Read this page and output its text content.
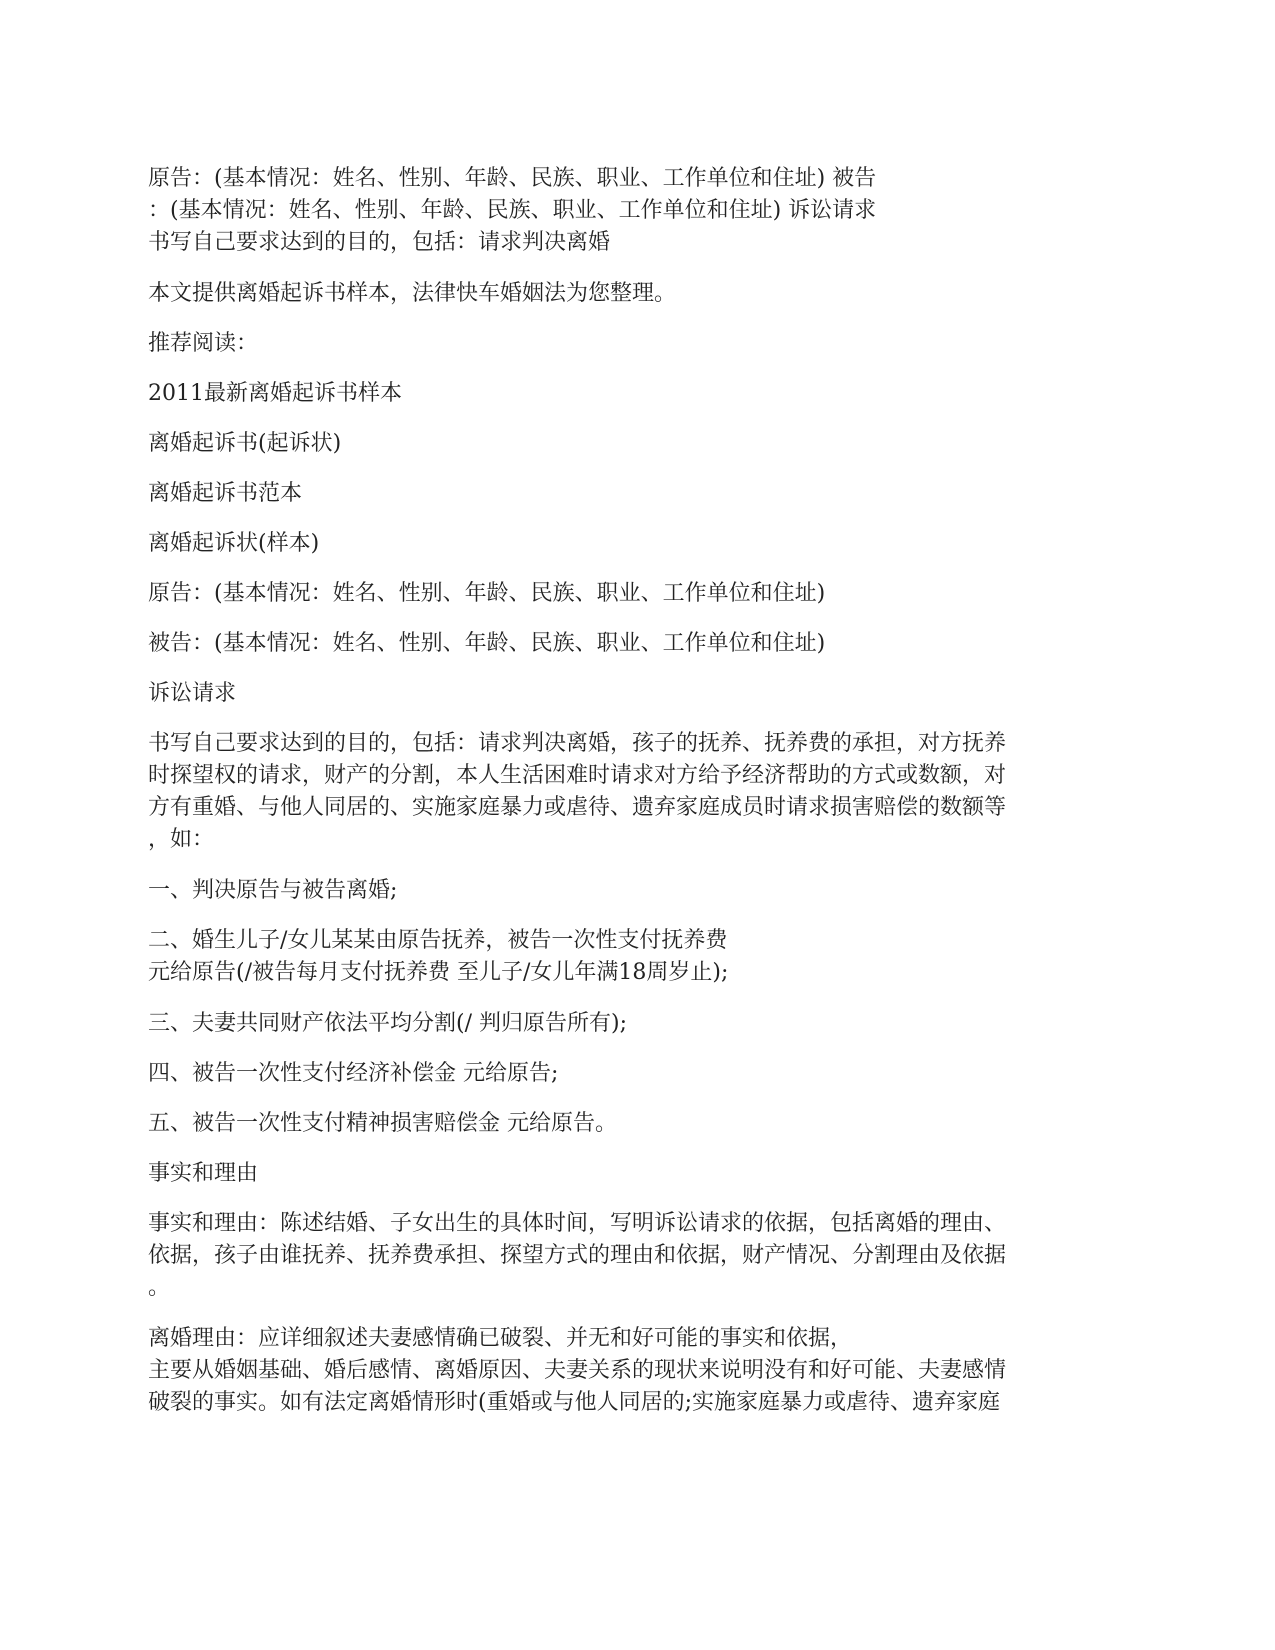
原告：(基本情况：姓名、性别、年龄、民族、职业、工作单位和住址) 被告
：(基本情况：姓名、性别、年龄、民族、职业、工作单位和住址) 诉讼请求
书写自己要求达到的目的，包括：请求判决离婚
本文提供离婚起诉书样本，法律快车婚姻法为您整理。
推荐阅读：
2011最新离婚起诉书样本
离婚起诉书(起诉状)
离婚起诉书范本
离婚起诉状(样本)
原告：(基本情况：姓名、性别、年龄、民族、职业、工作单位和住址)
被告：(基本情况：姓名、性别、年龄、民族、职业、工作单位和住址)
诉讼请求
书写自己要求达到的目的，包括：请求判决离婚，孩子的抚养、抚养费的承担，对方抚养
时探望权的请求，财产的分割，本人生活困难时请求对方给予经济帮助的方式或数额，对
方有重婚、与他人同居的、实施家庭暴力或虐待、遗弃家庭成员时请求损害赔偿的数额等
，如：
一、判决原告与被告离婚;
二、婚生儿子/女儿某某由原告抚养，被告一次性支付抚养费
元给原告(/被告每月支付抚养费 至儿子/女儿年满18周岁止);
三、夫妻共同财产依法平均分割(/ 判归原告所有);
四、被告一次性支付经济补偿金 元给原告;
五、被告一次性支付精神损害赔偿金 元给原告。
事实和理由
事实和理由：陈述结婚、子女出生的具体时间，写明诉讼请求的依据，包括离婚的理由、
依据，孩子由谁抚养、抚养费承担、探望方式的理由和依据，财产情况、分割理由及依据
。
离婚理由：应详细叙述夫妻感情确已破裂、并无和好可能的事实和依据，
主要从婚姻基础、婚后感情、离婚原因、夫妻关系的现状来说明没有和好可能、夫妻感情
破裂的事实。如有法定离婚情形时(重婚或与他人同居的;实施家庭暴力或虐待、遗弃家庭
